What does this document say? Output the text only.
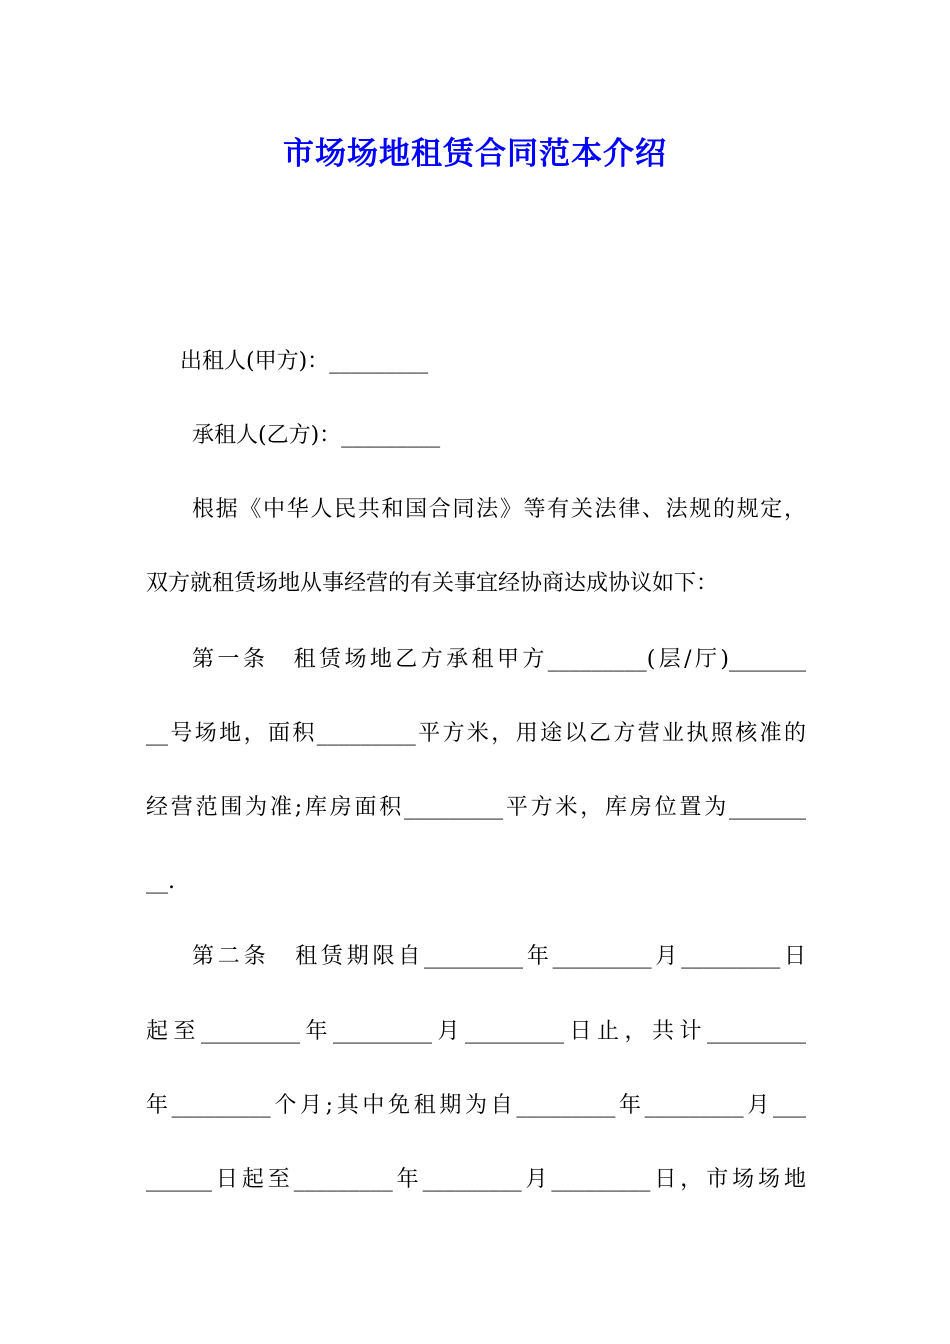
市场场地租赁合同范本介绍

出租人(甲方)：_________

承租人(乙方)：_________

根据《中华人民共和国合同法》等有关法律、法规的规定，

双方就租赁场地从事经营的有关事宜经协商达成协议如下：

第一条　租赁场地乙方承租甲方_________(层/厅)_______

__号场地，面积_________平方米，用途以乙方营业执照核准的

经营范围为准;库房面积_________平方米，库房位置为_______

__.

第二条　租赁期限自_________年_________月_________日

起至_________年_________月_________日止，共计_________

年_________个月;其中免租期为自_________年_________月___

______日起至_________年_________月_________日，市场场地
